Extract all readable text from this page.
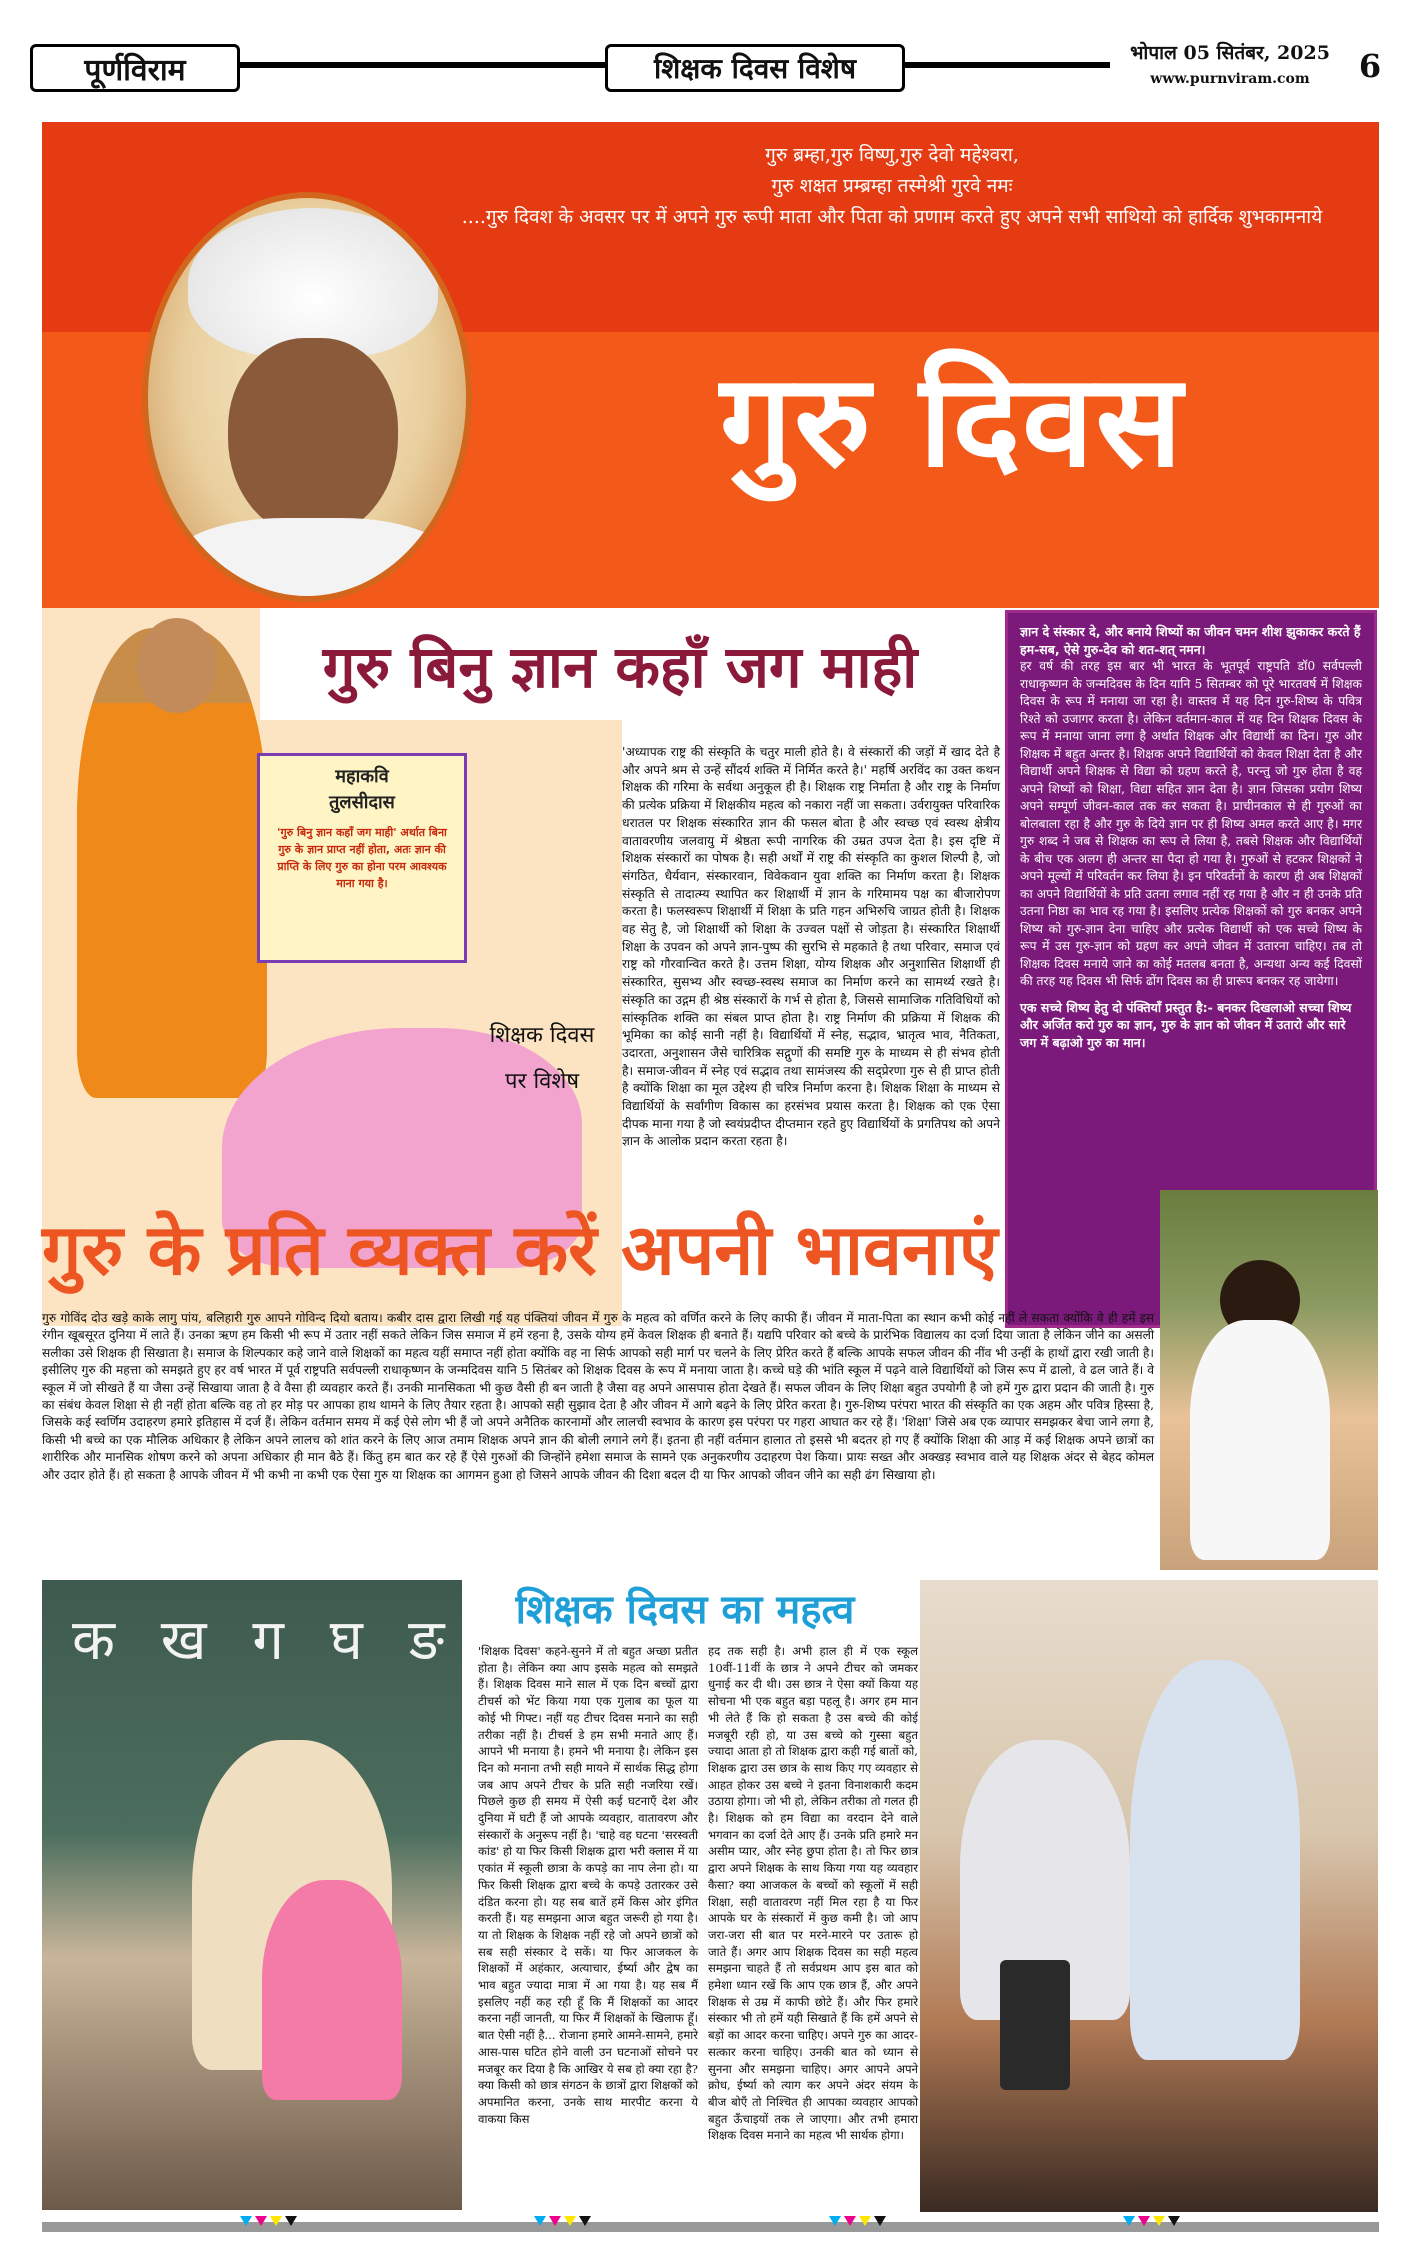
पूर्णविराम	शिक्षक दिवस विशेष	भोपाल 05 सितंबर, 2025
www.purnviram.com	6
गुरु ब्रम्हा,गुरु विष्णु,गुरु देवो महेश्वरा,
गुरु शक्षत प्रम्ब्रम्हा तस्मेश्री गुरवे नमः
....गुरु दिवश के अवसर पर में अपने गुरु रूपी माता और पिता को प्रणाम करते हुए अपने सभी साथियो को हार्दिक शुभकामनाये
गुरु दिवस
महाकवि
तुलसीदास
'गुरु बिनु ज्ञान कहाँ जग माही' अर्थात बिना गुरु के ज्ञान प्राप्त नहीं होता, अतः ज्ञान की प्राप्ति के लिए गुरु का होना परम आवश्यक माना गया है।
शिक्षक दिवस पर विशेष
गुरु बिनु ज्ञान कहाँ जग माही
'अध्यापक राष्ट्र की संस्कृति के चतुर माली होते है। वे संस्कारों की जड़ों में खाद देते है और अपने श्रम से उन्हें सौंदर्य शक्ति में निर्मित करते है।' महर्षि अरविंद का उक्त कथन शिक्षक की गरिमा के सर्वथा अनुकूल ही है। शिक्षक राष्ट्र निर्माता है और राष्ट्र के निर्माण की प्रत्येक प्रक्रिया में शिक्षकीय महत्व को नकारा नहीं जा सकता। उर्वरायुक्त परिवारिक धरातल पर शिक्षक संस्कारित ज्ञान की फसल बोता है और स्वच्छ एवं स्वस्थ क्षेत्रीय वातावरणीय जलवायु में श्रेष्ठता रूपी नागरिक की उम्रत उपज देता है। इस दृष्टि में शिक्षक संस्कारों का पोषक है। सही अर्थों में राष्ट्र की संस्कृति का कुशल शिल्पी है, जो संगठित, धैर्यवान, संस्कारवान, विवेकवान युवा शक्ति का निर्माण करता है। शिक्षक संस्कृति से तादात्म्य स्थापित कर शिक्षार्थी में ज्ञान के गरिमामय पक्ष का बीजारोपण करता है। फलस्वरूप शिक्षार्थी में शिक्षा के प्रति गहन अभिरुचि जाग्रत होती है। शिक्षक वह सेतु है, जो शिक्षार्थी को शिक्षा के उज्वल पक्षों से जोड़ता है। संस्कारित शिक्षार्थी शिक्षा के उपवन को अपने ज्ञान-पुष्प की सुरभि से महकाते है तथा परिवार, समाज एवं राष्ट्र को गौरवान्वित करते है। उत्तम शिक्षा, योग्य शिक्षक और अनुशासित शिक्षार्थी ही संस्कारित, सुसभ्य और स्वच्छ-स्वस्थ समाज का निर्माण करने का सामर्थ्य रखते है। संस्कृति का उद्गम ही श्रेष्ठ संस्कारों के गर्भ से होता है, जिससे सामाजिक गतिविधियों को सांस्कृतिक शक्ति का संबल प्राप्त होता है। राष्ट्र निर्माण की प्रक्रिया में शिक्षक की भूमिका का कोई सानी नहीं है। विद्यार्थियों में स्नेह, सद्भाव, भ्रातृत्व भाव, नैतिकता, उदारता, अनुशासन जैसे चारित्रिक सद्गुणों की समष्टि गुरु के माध्यम से ही संभव होती है। समाज-जीवन में स्नेह एवं सद्भाव तथा सामंजस्य की सद्प्रेरणा गुरु से ही प्राप्त होती है क्योंकि शिक्षा का मूल उद्देश्य ही चरित्र निर्माण करना है। शिक्षक शिक्षा के माध्यम से विद्यार्थियों के सर्वांगीण विकास का हरसंभव प्रयास करता है। शिक्षक को एक ऐसा दीपक माना गया है जो स्वयंप्रदीप्त दीप्तमान रहते हुए विद्यार्थियों के प्रगतिपथ को अपने ज्ञान के आलोक प्रदान करता रहता है।
ज्ञान दे संस्कार दे, और बनाये शिष्यों का जीवन चमन शीश झुकाकर करते हैं हम-सब, ऐसे गुरु-देव को शत-शत् नमन।
हर वर्ष की तरह इस बार भी भारत के भूतपूर्व राष्ट्रपति डॉ0 सर्वपल्ली राधाकृष्णन के जन्मदिवस के दिन यानि 5 सितम्बर को पूरे भारतवर्ष में शिक्षक दिवस के रूप में मनाया जा रहा है। वास्तव में यह दिन गुरु-शिष्य के पवित्र रिश्ते को उजागर करता है। लेकिन वर्तमान-काल में यह दिन शिक्षक दिवस के रूप में मनाया जाना लगा है अर्थात शिक्षक और विद्यार्थी का दिन। गुरु और शिक्षक में बहुत अन्तर है। शिक्षक अपने विद्यार्थियों को केवल शिक्षा देता है और विद्यार्थी अपने शिक्षक से विद्या को ग्रहण करते है, परन्तु जो गुरु होता है वह अपने शिष्यों को शिक्षा, विद्या सहित ज्ञान देता है। ज्ञान जिसका प्रयोग शिष्य अपने सम्पूर्ण जीवन-काल तक कर सकता है। प्राचीनकाल से ही गुरुओं का बोलबाला रहा है और गुरु के दिये ज्ञान पर ही शिष्य अमल करते आए है। मगर गुरु शब्द ने जब से शिक्षक का रूप ले लिया है, तबसे शिक्षक और विद्यार्थियों के बीच एक अलग ही अन्तर सा पैदा हो गया है। गुरुओं से हटकर शिक्षकों ने अपने मूल्यों में परिवर्तन कर लिया है। इन परिवर्तनों के कारण ही अब शिक्षकों का अपने विद्यार्थियों के प्रति उतना लगाव नहीं रह गया है और न ही उनके प्रति उतना निष्ठा का भाव रह गया है। इसलिए प्रत्येक शिक्षकों को गुरु बनकर अपने शिष्य को गुरु-ज्ञान देना चाहिए और प्रत्येक विद्यार्थी को एक सच्चे शिष्य के रूप में उस गुरु-ज्ञान को ग्रहण कर अपने जीवन में उतारना चाहिए। तब तो शिक्षक दिवस मनाये जाने का कोई मतलब बनता है, अन्यथा अन्य कई दिवसों की तरह यह दिवस भी सिर्फ ढोंग दिवस का ही प्रारूप बनकर रह जायेगा।
एक सच्चे शिष्य हेतु दो पंक्तियाँ प्रस्तुत है:- बनकर दिखलाओ सच्चा शिष्य और अर्जित करो गुरु का ज्ञान, गुरु के ज्ञान को जीवन में उतारो और सारे जग में बढ़ाओ गुरु का मान।
गुरु के प्रति व्यक्त करें अपनी भावनाएं
गुरु गोविंद दोउ खड़े काके लागु पांय, बलिहारी गुरु आपने गोविन्द दियो बताय। कबीर दास द्वारा लिखी गई यह पंक्तियां जीवन में गुरु के महत्व को वर्णित करने के लिए काफी हैं। जीवन में माता-पिता का स्थान कभी कोई नहीं ले सकता क्योंकि वे ही हमें इस रंगीन खूबसूरत दुनिया में लाते हैं। उनका ऋण हम किसी भी रूप में उतार नहीं सकते लेकिन जिस समाज में हमें रहना है, उसके योग्य हमें केवल शिक्षक ही बनाते हैं। यद्यपि परिवार को बच्चे के प्रारंभिक विद्यालय का दर्जा दिया जाता है लेकिन जीने का असली सलीका उसे शिक्षक ही सिखाता है। समाज के शिल्पकार कहे जाने वाले शिक्षकों का महत्व यहीं समाप्त नहीं होता क्योंकि वह ना सिर्फ आपको सही मार्ग पर चलने के लिए प्रेरित करते हैं बल्कि आपके सफल जीवन की नींव भी उन्हीं के हाथों द्वारा रखी जाती है। इसीलिए गुरु की महत्ता को समझते हुए हर वर्ष भारत में पूर्व राष्ट्रपति सर्वपल्ली राधाकृष्णन के जन्मदिवस यानि 5 सितंबर को शिक्षक दिवस के रूप में मनाया जाता है। कच्चे घड़े की भांति स्कूल में पढ़ने वाले विद्यार्थियों को जिस रूप में ढालो, वे ढल जाते हैं। वे स्कूल में जो सीखते हैं या जैसा उन्हें सिखाया जाता है वे वैसा ही व्यवहार करते हैं। उनकी मानसिकता भी कुछ वैसी ही बन जाती है जैसा वह अपने आसपास होता देखते हैं। सफल जीवन के लिए शिक्षा बहुत उपयोगी है जो हमें गुरु द्वारा प्रदान की जाती है। गुरु का संबंध केवल शिक्षा से ही नहीं होता बल्कि वह तो हर मोड़ पर आपका हाथ थामने के लिए तैयार रहता है। आपको सही सुझाव देता है और जीवन में आगे बढ़ने के लिए प्रेरित करता है। गुरु-शिष्य परंपरा भारत की संस्कृति का एक अहम और पवित्र हिस्सा है, जिसके कई स्वर्णिम उदाहरण हमारे इतिहास में दर्ज हैं। लेकिन वर्तमान समय में कई ऐसे लोग भी हैं जो अपने अनैतिक कारनामों और लालची स्वभाव के कारण इस परंपरा पर गहरा आघात कर रहे हैं। 'शिक्षा' जिसे अब एक व्यापार समझकर बेचा जाने लगा है, किसी भी बच्चे का एक मौलिक अधिकार है लेकिन अपने लालच को शांत करने के लिए आज तमाम शिक्षक अपने ज्ञान की बोली लगाने लगे हैं। इतना ही नहीं वर्तमान हालात तो इससे भी बदतर हो गए हैं क्योंकि शिक्षा की आड़ में कई शिक्षक अपने छात्रों का शारीरिक और मानसिक शोषण करने को अपना अधिकार ही मान बैठे हैं। किंतु हम बात कर रहे हैं ऐसे गुरुओं की जिन्होंने हमेशा समाज के सामने एक अनुकरणीय उदाहरण पेश किया। प्रायः सख्त और अक्खड़ स्वभाव वाले यह शिक्षक अंदर से बेहद कोमल और उदार होते हैं। हो सकता है आपके जीवन में भी कभी ना कभी एक ऐसा गुरु या शिक्षक का आगमन हुआ हो जिसने आपके जीवन की दिशा बदल दी या फिर आपको जीवन जीने का सही ढंग सिखाया हो।
क ख ग घ ङ	शिक्षक दिवस का महत्व
'शिक्षक दिवस' कहने-सुनने में तो बहुत अच्छा प्रतीत होता है। लेकिन क्या आप इसके महत्व को समझते हैं। शिक्षक दिवस माने साल में एक दिन बच्चों द्वारा टीचर्स को भेंट किया गया एक गुलाब का फूल या कोई भी गिफ्ट। नहीं यह टीचर दिवस मनाने का सही तरीका नहीं है। टीचर्स डे हम सभी मनाते आए हैं। आपने भी मनाया है। हमने भी मनाया है। लेकिन इस दिन को मनाना तभी सही मायने में सार्थक सिद्ध होगा जब आप अपने टीचर के प्रति सही नजरिया रखें। पिछले कुछ ही समय में ऐसी कई घटनाएँ देश और दुनिया में घटी हैं जो आपके व्यवहार, वातावरण और संस्कारों के अनुरूप नहीं है। 'चाहे वह घटना 'सरस्वती कांड' हो या फिर किसी शिक्षक द्वारा भरी क्लास में या एकांत में स्कूली छात्रा के कपड़े का नाप लेना हो। या फिर किसी शिक्षक द्वारा बच्चे के कपड़े उतारकर उसे दंडित करना हो। यह सब बातें हमें किस ओर इंगित करती हैं। यह समझना आज बहुत जरूरी हो गया है। या तो शिक्षक के शिक्षक नहीं रहे जो अपने छात्रों को सब सही संस्कार दे सकें। या फिर आजकल के शिक्षकों में अहंकार, अत्याचार, ईर्ष्या और द्वेष का भाव बहुत ज्यादा मात्रा में आ गया है। यह सब मैं इसलिए नहीं कह रही हूँ कि मैं शिक्षकों का आदर करना नहीं जानती, या फिर मैं शिक्षकों के खिलाफ हूँ। बात ऐसी नहीं है... रोजाना हमारे आमने-सामने, हमारे आस-पास घटित होने वाली उन घटनाओं सोचने पर मजबूर कर दिया है कि आखिर ये सब हो क्या रहा है? क्या किसी को छात्र संगठन के छात्रों द्वारा शिक्षकों को अपमानित करना, उनके साथ मारपीट करना ये वाकया किस
हद तक सही है। अभी हाल ही में एक स्कूल 10वीं-11वीं के छात्र ने अपने टीचर को जमकर धुनाई कर दी थी। उस छात्र ने ऐसा क्यों किया यह सोचना भी एक बहुत बड़ा पहलू है। अगर हम मान भी लेते हैं कि हो सकता है उस बच्चे की कोई मजबूरी रही हो, या उस बच्चे को गुस्सा बहुत ज्यादा आता हो तो शिक्षक द्वारा कही गई बातों को, शिक्षक द्वारा उस छात्र के साथ किए गए व्यवहार से आहत होकर उस बच्चे ने इतना विनाशकारी कदम उठाया होगा। जो भी हो, लेकिन तरीका तो गलत ही है। शिक्षक को हम विद्या का वरदान देने वाले भगवान का दर्जा देते आए हैं। उनके प्रति हमारे मन असीम प्यार, और स्नेह छुपा होता है। तो फिर छात्र द्वारा अपने शिक्षक के साथ किया गया यह व्यवहार कैसा? क्या आजकल के बच्चों को स्कूलों में सही शिक्षा, सही वातावरण नहीं मिल रहा है या फिर आपके घर के संस्कारों में कुछ कमी है। जो आप जरा-जरा सी बात पर मरने-मारने पर उतारू हो जाते हैं। अगर आप शिक्षक दिवस का सही महत्व समझना चाहते हैं तो सर्वप्रथम आप इस बात को हमेशा ध्यान रखें कि आप एक छात्र हैं, और अपने शिक्षक से उम्र में काफी छोटे हैं। और फिर हमारे संस्कार भी तो हमें यही सिखाते हैं कि हमें अपने से बड़ों का आदर करना चाहिए। अपने गुरु का आदर-सत्कार करना चाहिए। उनकी बात को ध्यान से सुनना और समझना चाहिए। अगर आपने अपने क्रोध, ईर्ष्या को त्याग कर अपने अंदर संयम के बीज बोएँ तो निश्चित ही आपका व्यवहार आपको बहुत ऊँचाइयों तक ले जाएगा। और तभी हमारा शिक्षक दिवस मनाने का महत्व भी सार्थक होगा।
